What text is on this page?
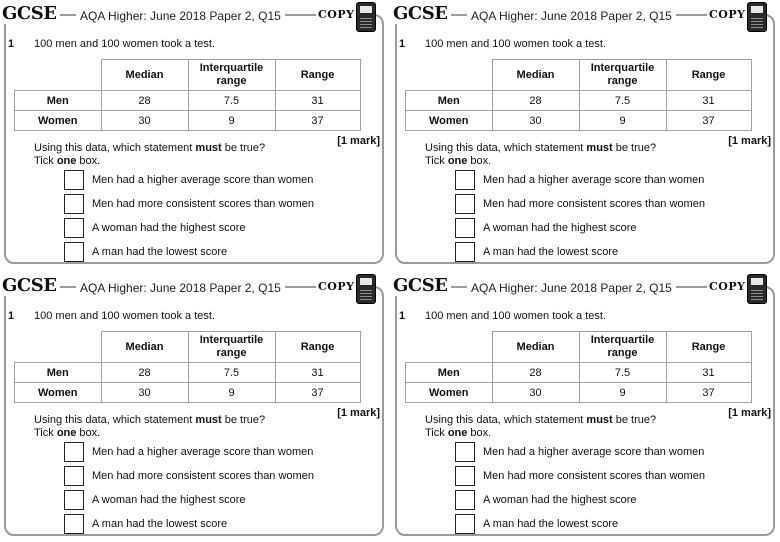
GCSE	AQA Higher: June 2018 Paper 2, Q15	COPY
1 100 men and 100 women took a test.
	Median	Interquartile range	Range
Men	28	7.5	31
Women	30	9	37
[1 mark]
Using this data, which statement must be true?
Tick one box.
Men had a higher average score than women
Men had more consistent scores than women
A woman had the highest score
A man had the lowest score
GCSE	AQA Higher: June 2018 Paper 2, Q15	COPY
1 100 men and 100 women took a test.
	Median	Interquartile range	Range
Men	28	7.5	31
Women	30	9	37
[1 mark]
Using this data, which statement must be true?
Tick one box.
Men had a higher average score than women
Men had more consistent scores than women
A woman had the highest score
A man had the lowest score
GCSE	AQA Higher: June 2018 Paper 2, Q15	COPY
1 100 men and 100 women took a test.
	Median	Interquartile range	Range
Men	28	7.5	31
Women	30	9	37
[1 mark]
Using this data, which statement must be true?
Tick one box.
Men had a higher average score than women
Men had more consistent scores than women
A woman had the highest score
A man had the lowest score
GCSE	AQA Higher: June 2018 Paper 2, Q15	COPY
1 100 men and 100 women took a test.
	Median	Interquartile range	Range
Men	28	7.5	31
Women	30	9	37
[1 mark]
Using this data, which statement must be true?
Tick one box.
Men had a higher average score than women
Men had more consistent scores than women
A woman had the highest score
A man had the lowest score
